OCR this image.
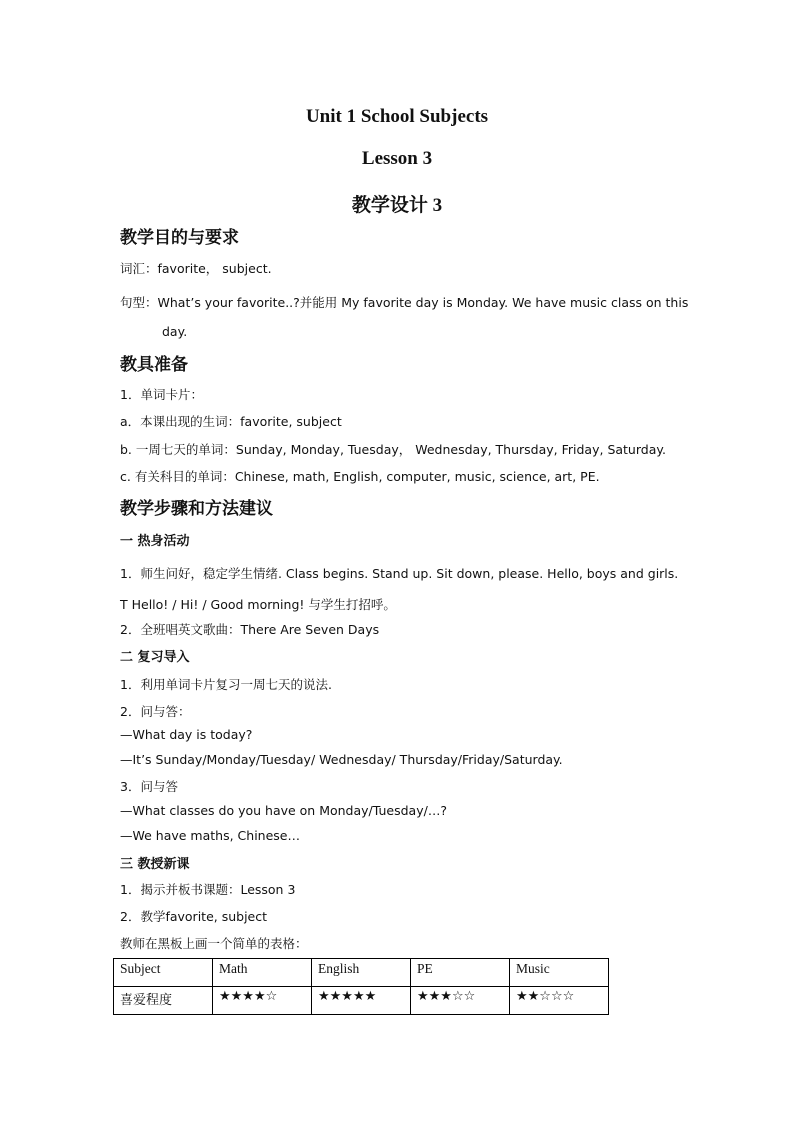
Unit 1 School Subjects
Lesson 3
教学设计 3
教学目的与要求
词汇：favorite， subject.
句型：What’s your favorite..?并能用 My favorite day is Monday. We have music class on this
day.
教具准备
1．单词卡片：
a．本课出现的生词：favorite, subject
b. 一周七天的单词：Sunday, Monday, Tuesday， Wednesday, Thursday, Friday, Saturday.
c. 有关科目的单词：Chinese, math, English, computer, music, science, art, PE.
教学步骤和方法建议
一 热身活动
1．师生问好，稳定学生情绪. Class begins. Stand up. Sit down, please. Hello, boys and girls.
T Hello! / Hi! / Good morning! 与学生打招呼。
2．全班唱英文歌曲：There Are Seven Days
二 复习导入
1．利用单词卡片复习一周七天的说法.
2．问与答：
—What day is today?
—It’s Sunday/Monday/Tuesday/ Wednesday/ Thursday/Friday/Saturday.
3．问与答
—What classes do you have on Monday/Tuesday/…?
—We have maths, Chinese…
三 教授新课
1．揭示并板书课题：Lesson 3
2．教学favorite, subject
教师在黑板上画一个简单的表格：
Subject	Math	English	PE	Music
喜爱程度	★★★★☆	★★★★★	★★★☆☆	★★☆☆☆
